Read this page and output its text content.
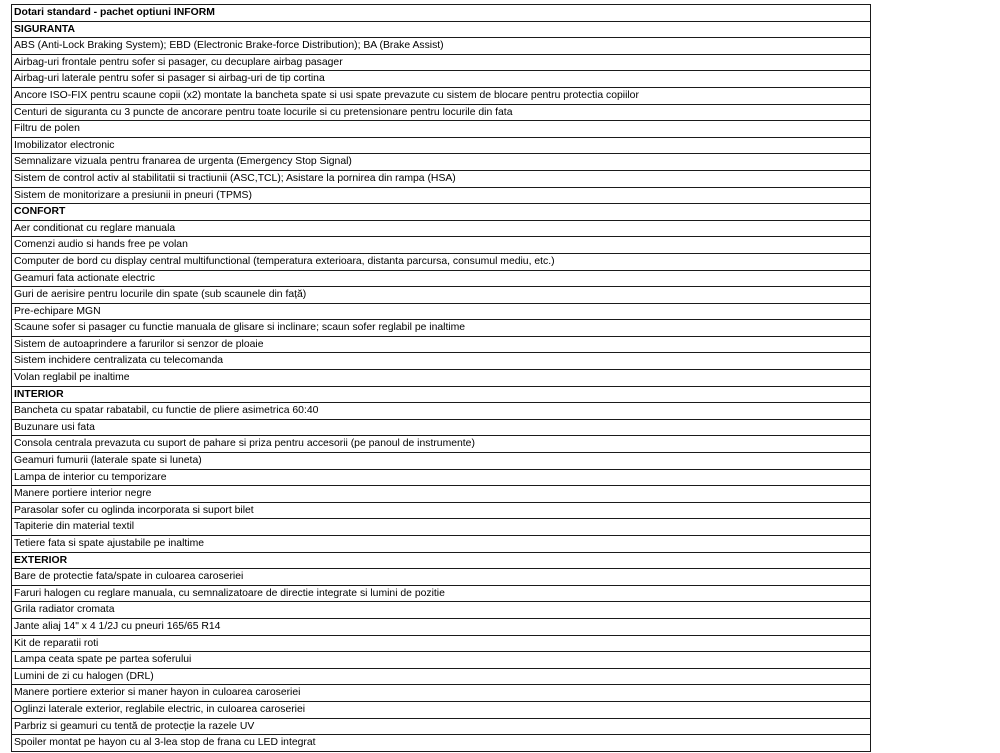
Dotari standard - pachet optiuni INFORM
SIGURANTA
ABS (Anti-Lock Braking System); EBD (Electronic Brake-force Distribution); BA (Brake Assist)
Airbag-uri frontale pentru sofer si pasager, cu decuplare airbag pasager
Airbag-uri laterale pentru sofer si pasager si airbag-uri de tip cortina
Ancore ISO-FIX pentru scaune copii (x2) montate la bancheta spate si usi spate prevazute cu sistem de blocare pentru protectia copiilor
Centuri de siguranta cu 3 puncte de ancorare pentru toate locurile si cu pretensionare pentru locurile din fata
Filtru de polen
Imobilizator electronic
Semnalizare vizuala pentru franarea de urgenta (Emergency Stop Signal)
Sistem de control activ al stabilitatii si tractiunii (ASC,TCL); Asistare la pornirea din rampa (HSA)
Sistem de monitorizare a presiunii in pneuri (TPMS)
CONFORT
Aer conditionat cu reglare manuala
Comenzi audio si hands free pe volan
Computer de bord cu display central multifunctional (temperatura exterioara, distanta parcursa, consumul mediu, etc.)
Geamuri fata actionate electric
Guri de aerisire pentru locurile din spate (sub scaunele din față)
Pre-echipare MGN
Scaune sofer si pasager cu functie manuala de glisare si inclinare; scaun sofer reglabil pe inaltime
Sistem de autoaprindere a farurilor si senzor de ploaie
Sistem inchidere centralizata cu telecomanda
Volan reglabil pe inaltime
INTERIOR
Bancheta cu spatar rabatabil, cu functie de pliere asimetrica 60:40
Buzunare usi fata
Consola centrala prevazuta cu suport de pahare si priza pentru accesorii (pe panoul de instrumente)
Geamuri fumurii (laterale spate si luneta)
Lampa de interior cu temporizare
Manere portiere interior negre
Parasolar sofer cu oglinda incorporata si suport bilet
Tapiterie din material textil
Tetiere fata si spate ajustabile pe inaltime
EXTERIOR
Bare de protectie fata/spate in culoarea caroseriei
Faruri halogen cu reglare manuala, cu semnalizatoare de directie integrate si lumini de pozitie
Grila radiator cromata
Jante aliaj 14" x 4 1/2J cu pneuri 165/65 R14
Kit de reparatii roti
Lampa ceata spate pe partea soferului
Lumini de zi cu halogen (DRL)
Manere portiere exterior si maner hayon in culoarea caroseriei
Oglinzi laterale exterior, reglabile electric, in culoarea caroseriei
Parbriz si geamuri cu tentă de protecție la razele UV
Spoiler montat pe hayon cu al 3-lea stop de frana cu LED integrat
